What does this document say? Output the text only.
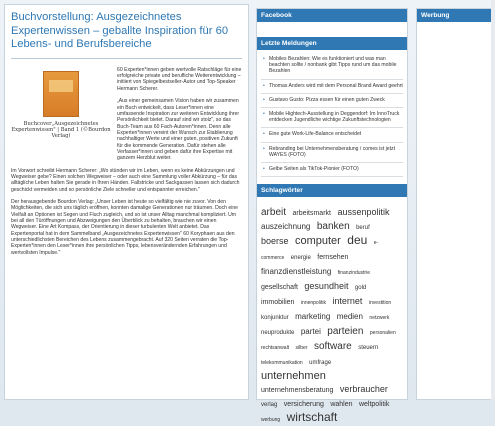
Buchvorstellung: Ausgezeichnetes Expertenwissen – geballte Inspiration für 60 Lebens- und Berufsbereiche
Buchcover„Ausgezeichnetes Expertenwissen" | Band 1 (©Bourdon Verlag)

60 Experten*innen geben wertvolle Ratschläge für eine erfolgreiche private und berufliche Weiterentwicklung – initiiert von Spiegelbestseller-Autor und Top-Speaker Hermann Scherer.

„Aus einer gemeinsamen Vision haben wir zusammen ein Buch entwickelt, dass Leser*innen eine umfassende Inspiration zur weiteren Entwicklung ihrer Persönlichkeit bietet. Darauf sind wir stolz", so das Buch-Team aus 60 Fach-Autoren*innen. Denn alle Experten*innen vereint der Wunsch zur Etablierung nachhaltiger Werte und einer guten, positiven Zukunft für die kommende Generation. Dafür stehen alle Verfasser*innen und geben dafür ihre Expertise mit ganzem Herzblut weiter.

Im Vorwort schreibt Hermann Scherer: „Wo stünden wir im Leben, wenn es keine Abkürzungen und Wegweiser gebe? Einen solchen Wegweiser – oder auch eine Sammlung voller Abkürzung – für das alltägliche Leben halten Sie gerade in Ihren Händen. Fallstricke und Sackgassen lassen sich dadurch geschickt vermeiden und so persönliche Ziele schneller und entspannter erreichen."

Der herausgebende Bourdon Verlag: „Unser Leben ist heute so vielfältig wie nie zuvor. Von den Möglichkeiten, die sich uns täglich eröffnen, konnten damalige Generationen nur träumen. Doch eine Vielfalt an Optionen ist Segen und Fluch zugleich, und so ist unser Alltag manchmal kompliziert. Um bei all den Türöffnungen und Abzweigungen den Überblick zu behalten, brauchen wir einen Wegweiser. Eine Art Kompass, der Orientierung in dieser turbulenten Welt anbietet. Das Expertenportal hat in dem Sammelband „Ausgezeichnetes Expertenwissen" 60 Koryphaen aus den unterschiedlichsten Bereichen des Lebens zusammengebracht. Auf 320 Seiten verraten die Top-Experten*innen den Leser*innen ihre persönlichen Tipps, lebensverändernden Erfahrungen und wertvollsten Impulse."

Facebook
Letzte Meldungen
• Mobiles Bezahlen: Wie es funktioniert und was man beachten sollte / nonbank gibt Tipps rund um das mobile Bezahlen
• Thomas Anders wird mit dem Personal Brand Award geehrt
• Gustavo Gusto: Pizza essen für einen guten Zweck
• Mobile Hightech-Ausstellung in Deggendorf: Im InnoTruck entdecken Jugendliche wichtige Zukunftstechnologien
• Eine gute Work-Life-Balance entscheidet
• Rebranding bei Unternehmensberatung / comes ist jetzt WAYES (FOTO)
• Gelbe Seiten als TikTok-Pionier (FOTO)
Schlagwörter
arbeit arbeitsmarkt aussenpolitik auszeichnung banken beruf boerse computer deu e-commerce energie fernsehen finanzdienstleistung finanzindustrie gesellschaft gesundheit gold immobilien innenpolitik internet investition konjunktur marketing medien netzwerk neuprodukte partei parteien personalien rechtsanwalt silber software steuern telekommunikation umfrage unternehmen unternehmensberatung verbraucher verlag versicherung wahlen weltpolitik werbung wirtschaft
Werbung
